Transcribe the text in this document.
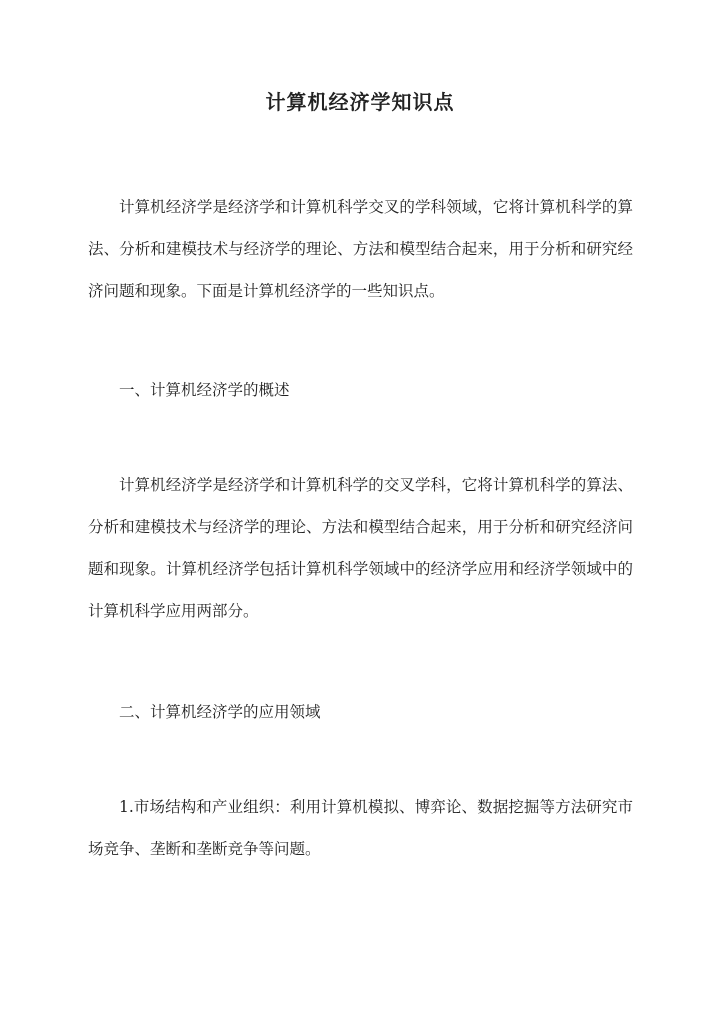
计算机经济学知识点

计算机经济学是经济学和计算机科学交叉的学科领域，它将计算机科学的算法、分析和建模技术与经济学的理论、方法和模型结合起来，用于分析和研究经济问题和现象。下面是计算机经济学的一些知识点。

一、计算机经济学的概述

计算机经济学是经济学和计算机科学的交叉学科，它将计算机科学的算法、分析和建模技术与经济学的理论、方法和模型结合起来，用于分析和研究经济问题和现象。计算机经济学包括计算机科学领域中的经济学应用和经济学领域中的计算机科学应用两部分。

二、计算机经济学的应用领域

1.市场结构和产业组织：利用计算机模拟、博弈论、数据挖掘等方法研究市场竞争、垄断和垄断竞争等问题。
